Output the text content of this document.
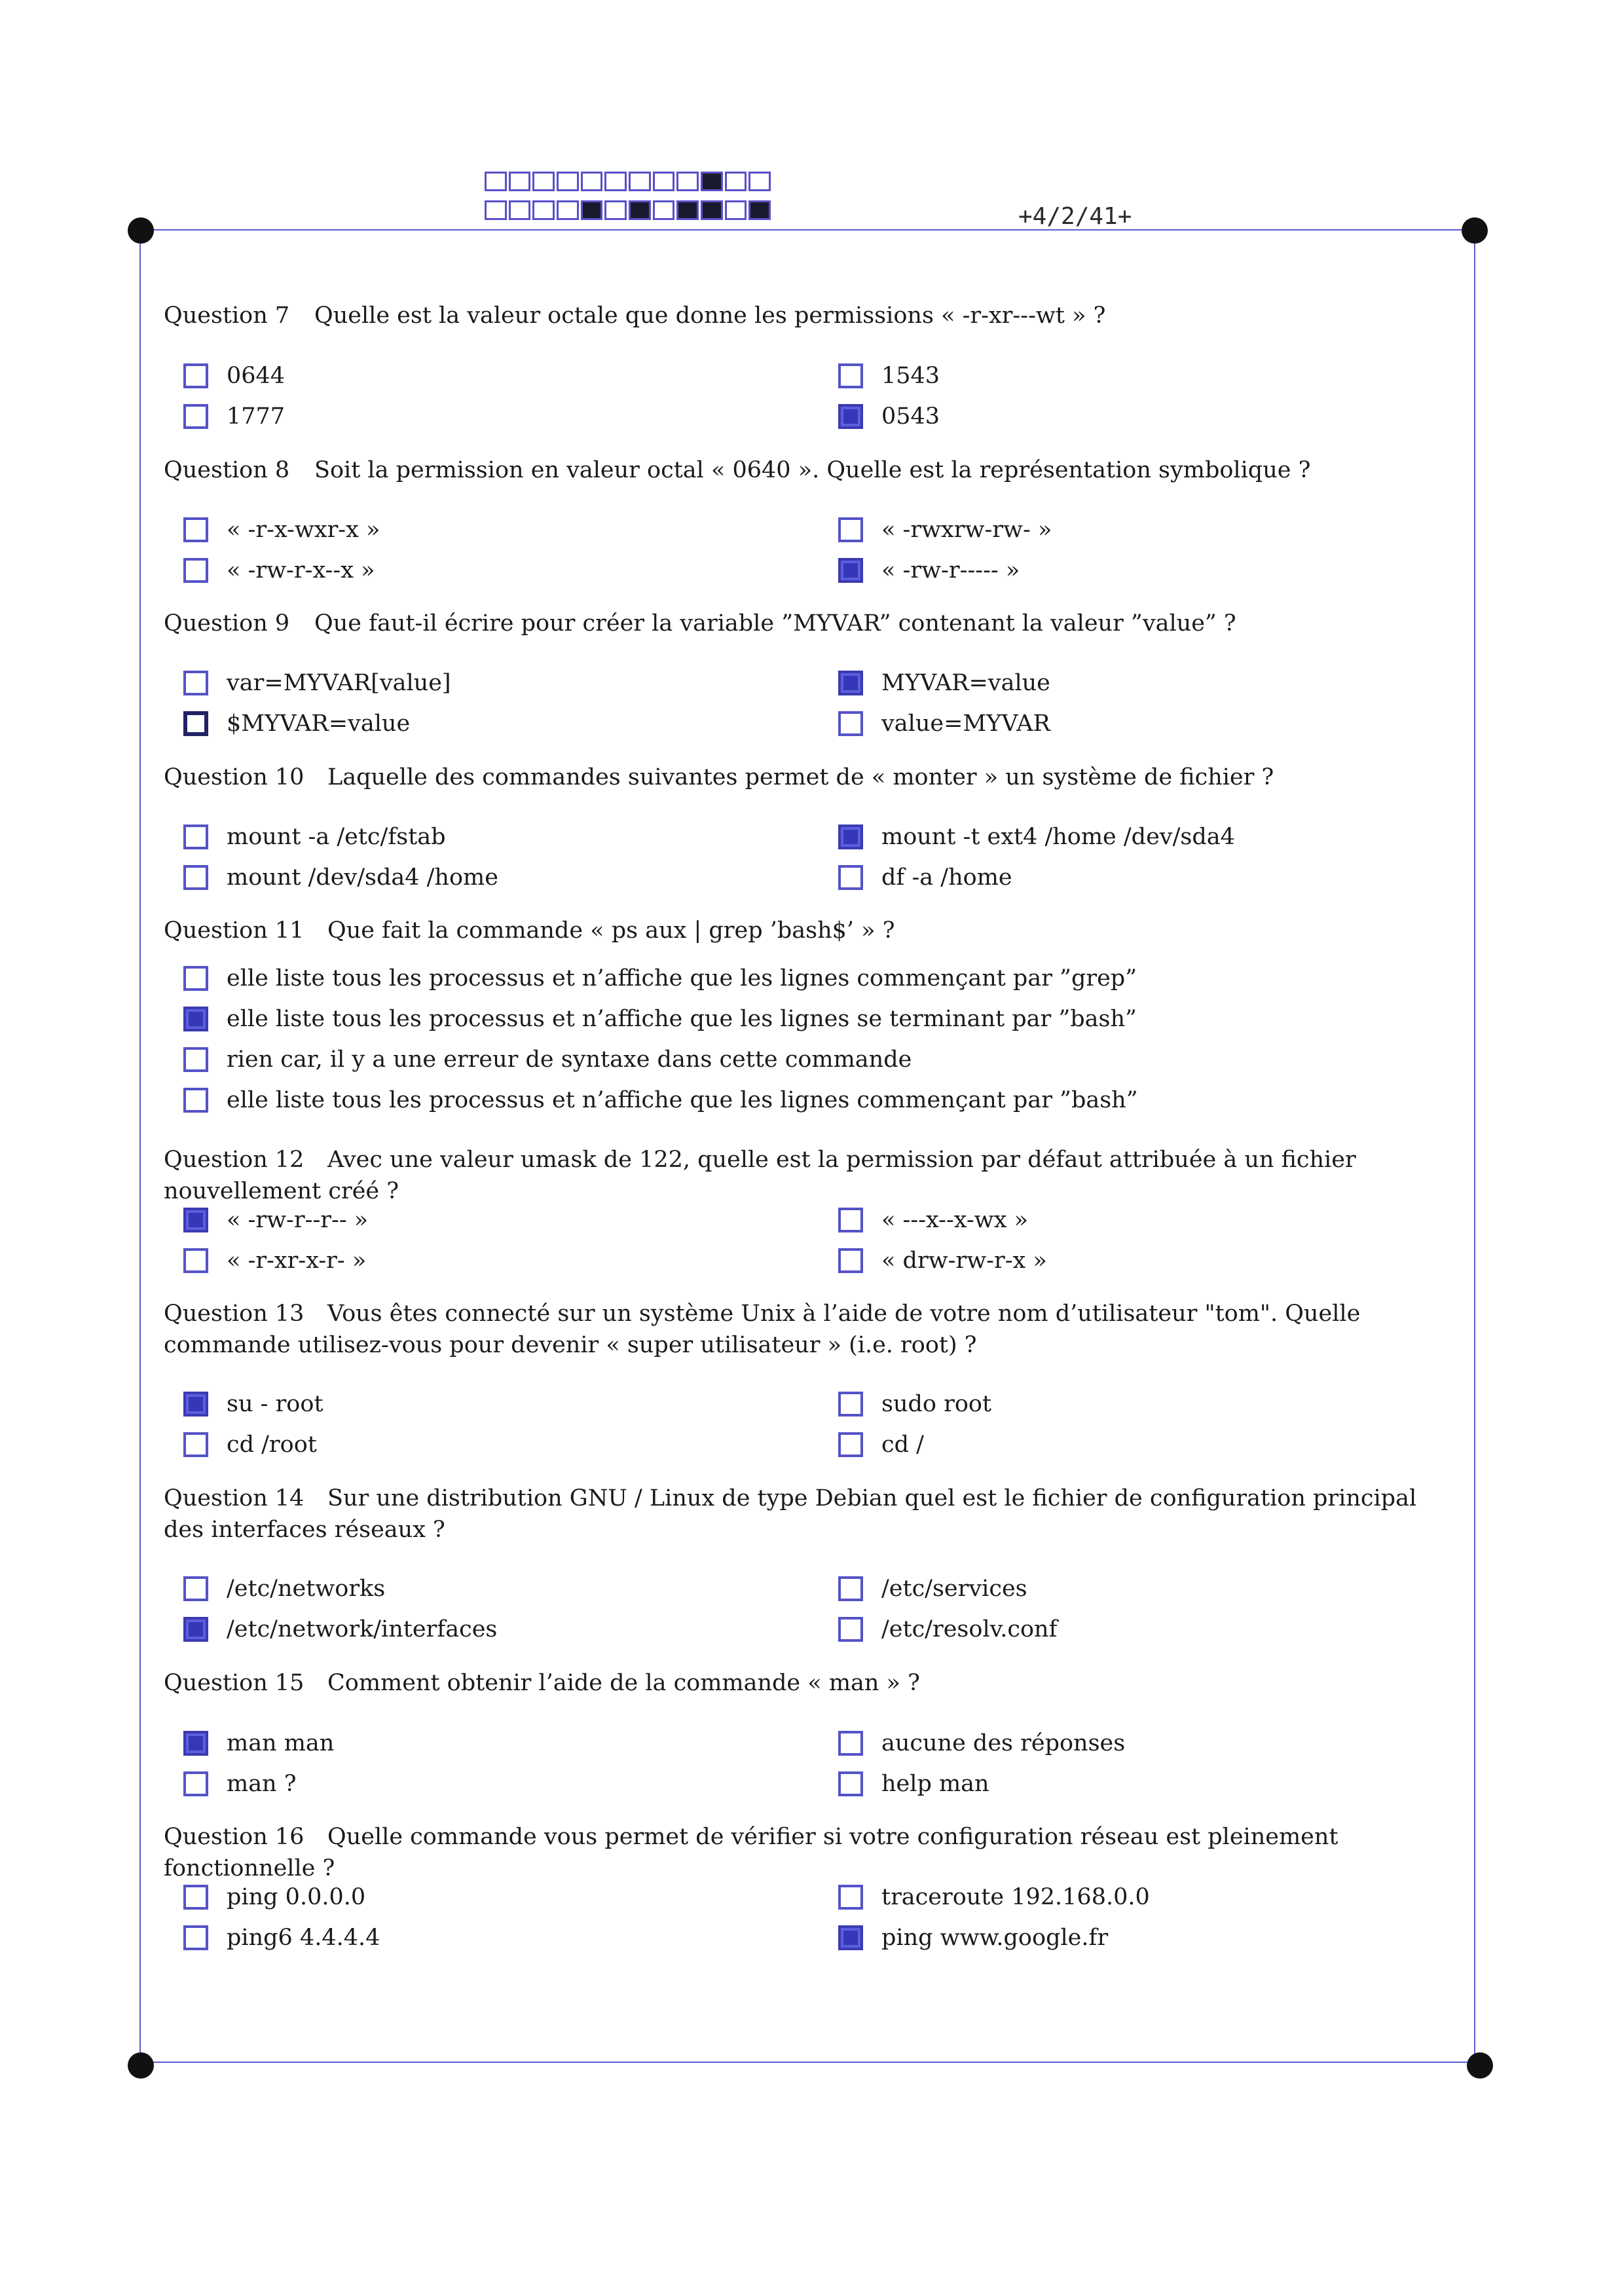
+4/2/41+
Question 7 Quelle est la valeur octale que donne les permissions « -r-xr---wt » ?
0644	1543
1777	0543
Question 8 Soit la permission en valeur octal « 0640 ». Quelle est la représentation symbolique ?
« -r-x-wxr-x »	« -rwxrw-rw- »
« -rw-r-x--x »	« -rw-r----- »
Question 9 Que faut-il écrire pour créer la variable ”MYVAR” contenant la valeur ”value” ?
var=MYVAR[value]	MYVAR=value
$MYVAR=value	value=MYVAR
Question 10 Laquelle des commandes suivantes permet de « monter » un système de fichier ?
mount -a /etc/fstab	mount -t ext4 /home /dev/sda4
mount /dev/sda4 /home	df -a /home
Question 11 Que fait la commande « ps aux | grep ’bash$’ » ?
elle liste tous les processus et n’affiche que les lignes commençant par ”grep”
elle liste tous les processus et n’affiche que les lignes se terminant par ”bash”
rien car, il y a une erreur de syntaxe dans cette commande
elle liste tous les processus et n’affiche que les lignes commençant par ”bash”
Question 12 Avec une valeur umask de 122, quelle est la permission par défaut attribuée à un fichier nouvellement créé ?
« -rw-r--r-- »	« ---x--x-wx »
« -r-xr-x-r- »	« drw-rw-r-x »
Question 13 Vous êtes connecté sur un système Unix à l’aide de votre nom d’utilisateur "tom". Quelle commande utilisez-vous pour devenir « super utilisateur » (i.e. root) ?
su - root	sudo root
cd /root	cd /
Question 14 Sur une distribution GNU / Linux de type Debian quel est le fichier de configuration principal des interfaces réseaux ?
/etc/networks	/etc/services
/etc/network/interfaces	/etc/resolv.conf
Question 15 Comment obtenir l’aide de la commande « man » ?
man man	aucune des réponses
man ?	help man
Question 16 Quelle commande vous permet de vérifier si votre configuration réseau est pleinement fonctionnelle ?
ping 0.0.0.0	traceroute 192.168.0.0
ping6 4.4.4.4	ping www.google.fr
